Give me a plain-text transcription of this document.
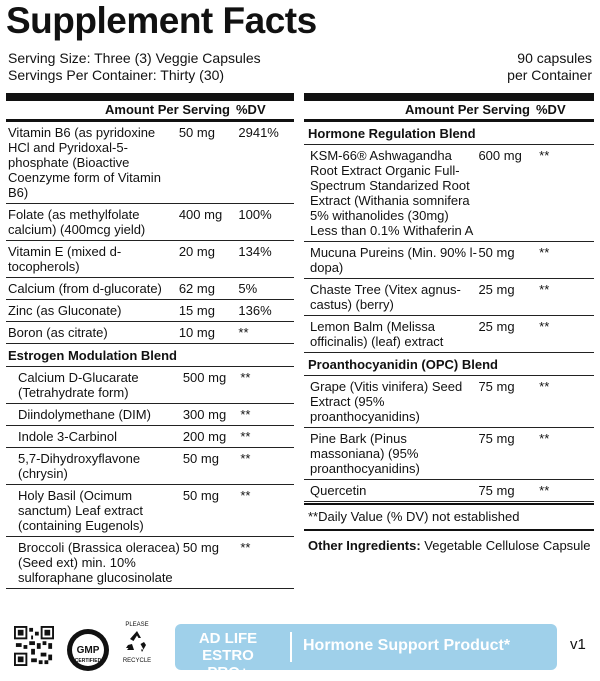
Supplement Facts
Serving Size: Three (3) Veggie Capsules
Servings Per Container: Thirty (30)
90 capsules
per Container
Amount Per Serving %DV
Vitamin B6 (as pyridoxine HCl and Pyridoxal-5-phosphate (Bioactive Coenzyme form of Vitamin B6)
50 mg	2941%
Folate (as methylfolate calcium) (400mcg yield)
400 mg	100%
Vitamin E (mixed d-tocopherols)
20 mg	134%
Calcium (from d-glucorate)	62 mg	5%
Zinc (as Gluconate)	15 mg	136%
Boron (as citrate)	10 mg	**
Estrogen Modulation Blend
Calcium D-Glucarate (Tetrahydrate form)
500 mg	**
Diindolymethane (DIM)	300 mg	**
Indole 3-Carbinol	200 mg	**
5,7-Dihydroxyflavone (chrysin)
50 mg	**
Holy Basil (Ocimum sanctum) Leaf extract (containing Eugenols)
50 mg	**
Broccoli (Brassica oleracea) (Seed ext) min. 10% sulforaphane glucosinolate
50 mg	**
Amount Per Serving %DV
Hormone Regulation Blend
KSM-66® Ashwagandha Root Extract Organic Full-Spectrum Standarized Root Extract (Withania somnifera 5% withanolides (30mg) Less than 0.1% Withaferin A
600 mg	**
Mucuna Pureins (Min. 90% l-dopa)
50 mg	**
Chaste Tree (Vitex agnus-castus) (berry)
25 mg	**
Lemon Balm (Melissa officinalis) (leaf) extract
25 mg	**
Proanthocyanidin (OPC) Blend
Grape (Vitis vinifera) Seed Extract (95% proanthocyanidins)
75 mg	**
Pine Bark (Pinus massoniana) (95% proanthocyanidins)
75 mg	**
Quercetin	75 mg	**
**Daily Value (% DV) not established
Other Ingredients: Vegetable Cellulose Capsule
GMP
CERTIFIED
PLEASE
RECYCLE
AD LIFE
ESTRO PRO+
Hormone Support Product*	v1
